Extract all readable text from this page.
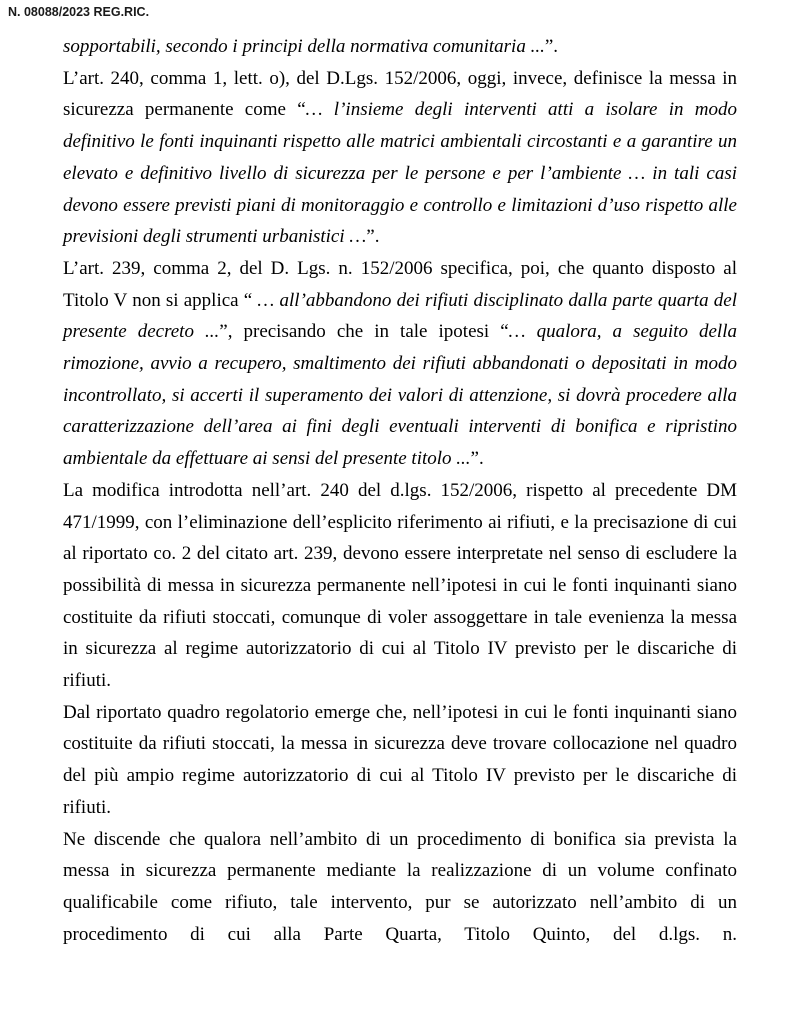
N. 08088/2023 REG.RIC.

sopportabili, secondo i principi della normativa comunitaria ...”.

L’art. 240, comma 1, lett. o), del D.Lgs. 152/2006, oggi, invece, definisce la messa in sicurezza permanente come “… l’insieme degli interventi atti a isolare in modo definitivo le fonti inquinanti rispetto alle matrici ambientali circostanti e a garantire un elevato e definitivo livello di sicurezza per le persone e per l’ambiente … in tali casi devono essere previsti piani di monitoraggio e controllo e limitazioni d’uso rispetto alle previsioni degli strumenti urbanistici …”.

L’art. 239, comma 2, del D. Lgs. n. 152/2006 specifica, poi, che quanto disposto al Titolo V non si applica “ … all’abbandono dei rifiuti disciplinato dalla parte quarta del presente decreto ...”, precisando che in tale ipotesi “… qualora, a seguito della rimozione, avvio a recupero, smaltimento dei rifiuti abbandonati o depositati in modo incontrollato, si accerti il superamento dei valori di attenzione, si dovrà procedere alla caratterizzazione dell’area ai fini degli eventuali interventi di bonifica e ripristino ambientale da effettuare ai sensi del presente titolo ...”.

La modifica introdotta nell’art. 240 del d.lgs. 152/2006, rispetto al precedente DM 471/1999, con l’eliminazione dell’esplicito riferimento ai rifiuti, e la precisazione di cui al riportato co. 2 del citato art. 239, devono essere interpretate nel senso di escludere la possibilità di messa in sicurezza permanente nell’ipotesi in cui le fonti inquinanti siano costituite da rifiuti stoccati, comunque di voler assoggettare in tale evenienza la messa in sicurezza al regime autorizzatorio di cui al Titolo IV previsto per le discariche di rifiuti.

Dal riportato quadro regolatorio emerge che, nell’ipotesi in cui le fonti inquinanti siano costituite da rifiuti stoccati, la messa in sicurezza deve trovare collocazione nel quadro del più ampio regime autorizzatorio di cui al Titolo IV previsto per le discariche di rifiuti.

Ne discende che qualora nell’ambito di un procedimento di bonifica sia prevista la messa in sicurezza permanente mediante la realizzazione di un volume confinato qualificabile come rifiuto, tale intervento, pur se autorizzato nell’ambito di un procedimento di cui alla Parte Quarta, Titolo Quinto, del d.lgs. n.
